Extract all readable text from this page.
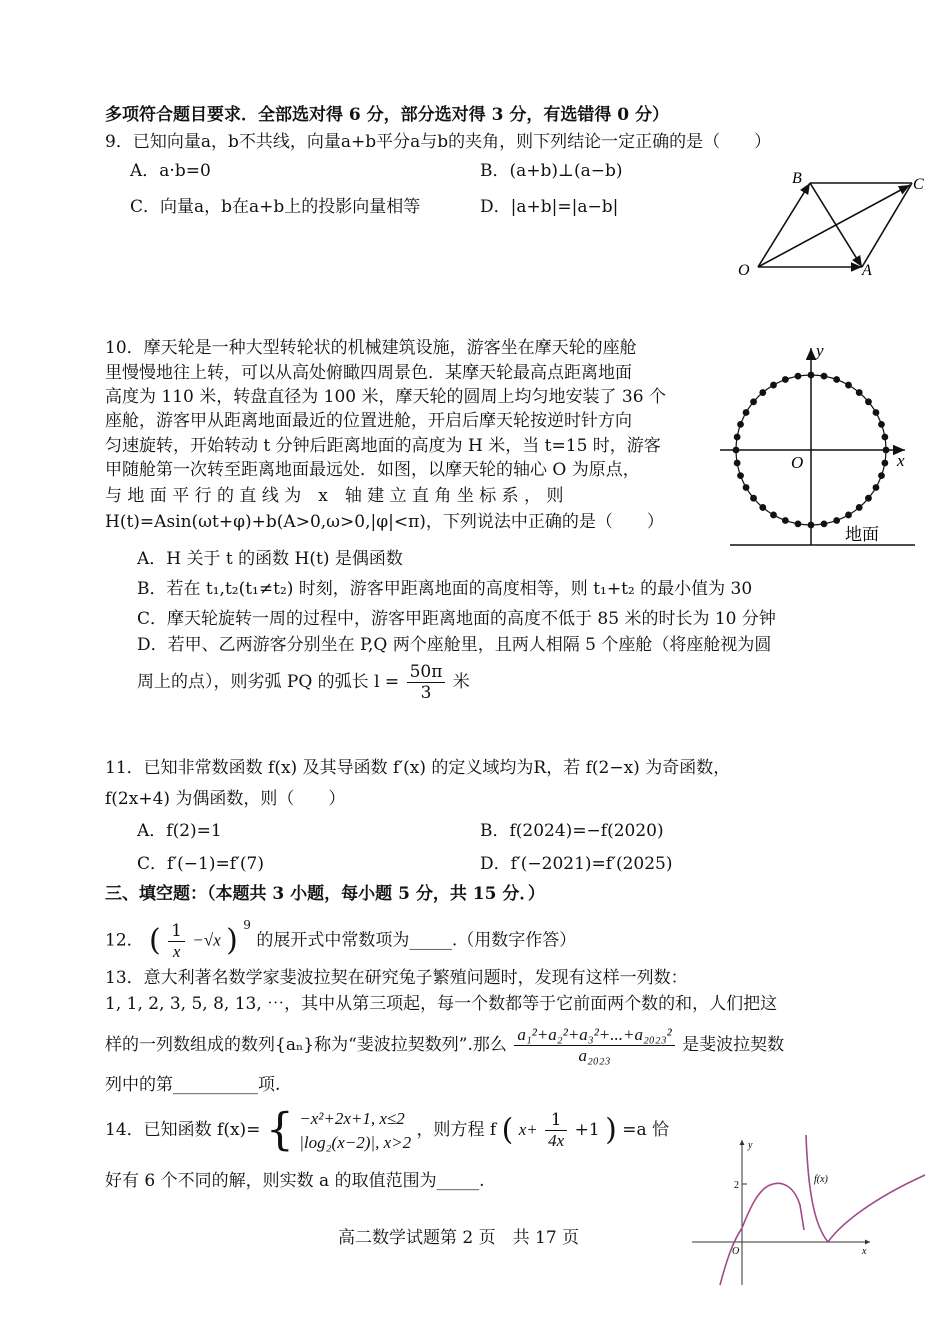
多项符合题目要求．全部选对得 6 分，部分选对得 3 分，有选错得 0 分）
9．已知向量a，b不共线，向量a+b平分a与b的夹角，则下列结论一定正确的是（　　）
A．a·b=0	B．(a+b)⊥(a−b)
C．向量a，b在a+b上的投影向量相等	D．|a+b|=|a−b|
B	C
O	A
10．摩天轮是一种大型转轮状的机械建筑设施，游客坐在摩天轮的座舱
里慢慢地往上转，可以从高处俯瞰四周景色．某摩天轮最高点距离地面
高度为 110 米，转盘直径为 100 米，摩天轮的圆周上均匀地安装了 36 个
座舱，游客甲从距离地面最近的位置进舱，开启后摩天轮按逆时针方向
匀速旋转，开始转动 t 分钟后距离地面的高度为 H 米，当 t=15 时，游客
甲随舱第一次转至距离地面最远处．如图，以摩天轮的轴心 O 为原点，
与 地 面 平 行 的 直 线 为　x　轴 建 立 直 角 坐 标 系 ， 则
H(t)=Asin(ωt+φ)+b(A>0,ω>0,|φ|<π)，下列说法中正确的是（　　）
A．H 关于 t 的函数 H(t) 是偶函数
B．若在 t₁,t₂(t₁≠t₂) 时刻，游客甲距离地面的高度相等，则 t₁+t₂ 的最小值为 30
C．摩天轮旋转一周的过程中，游客甲距离地面的高度不低于 85 米的时长为 10 分钟
D．若甲、乙两游客分别坐在 P,Q 两个座舱里，且两人相隔 5 个座舱（将座舱视为圆
周上的点），则劣弧 PQ 的弧长 $l = \frac{50\pi}{3}$ 米
y
x
O
地面
11．已知非常数函数 f(x) 及其导函数 f′(x) 的定义域均为R，若 f(2−x) 为奇函数，
f(2x+4) 为偶函数，则（　　）
A．f(2)=1	B．f(2024)=−f(2020)
C．f′(−1)=f′(7)	D．f′(−2021)=f′(2025)
三、填空题：（本题共 3 小题，每小题 5 分，共 15 分．）
12． ( $\frac{1}{x} -√x$ ) $^9$ 的展开式中常数项为_____.（用数字作答）
13．意大利著名数学家斐波拉契在研究兔子繁殖问题时，发现有这样一列数：
1, 1, 2, 3, 5, 8, 13, ⋯，其中从第三项起，每一个数都等于它前面两个数的和，人们把这
样的一列数组成的数列{aₙ}称为“斐波拉契数列”.那么 $\frac{\text{a₁²+a₂²+a₃²+...+a₂₀₂₃²}}{\text{a₂₀₂₃}}$ 是斐波拉契数
列中的第__________项.
14．已知函数 f(x)= { −x²+2x+1, x≤2
|log₂(x−2)|, x>2
，则方程 f ( $x+ \frac{1}{4x} +1$ ) =a 恰
好有 6 个不同的解，则实数 a 的取值范围为_____.
y
x
O
2
f(x)
高二数学试题第 2 页　共 17 页
